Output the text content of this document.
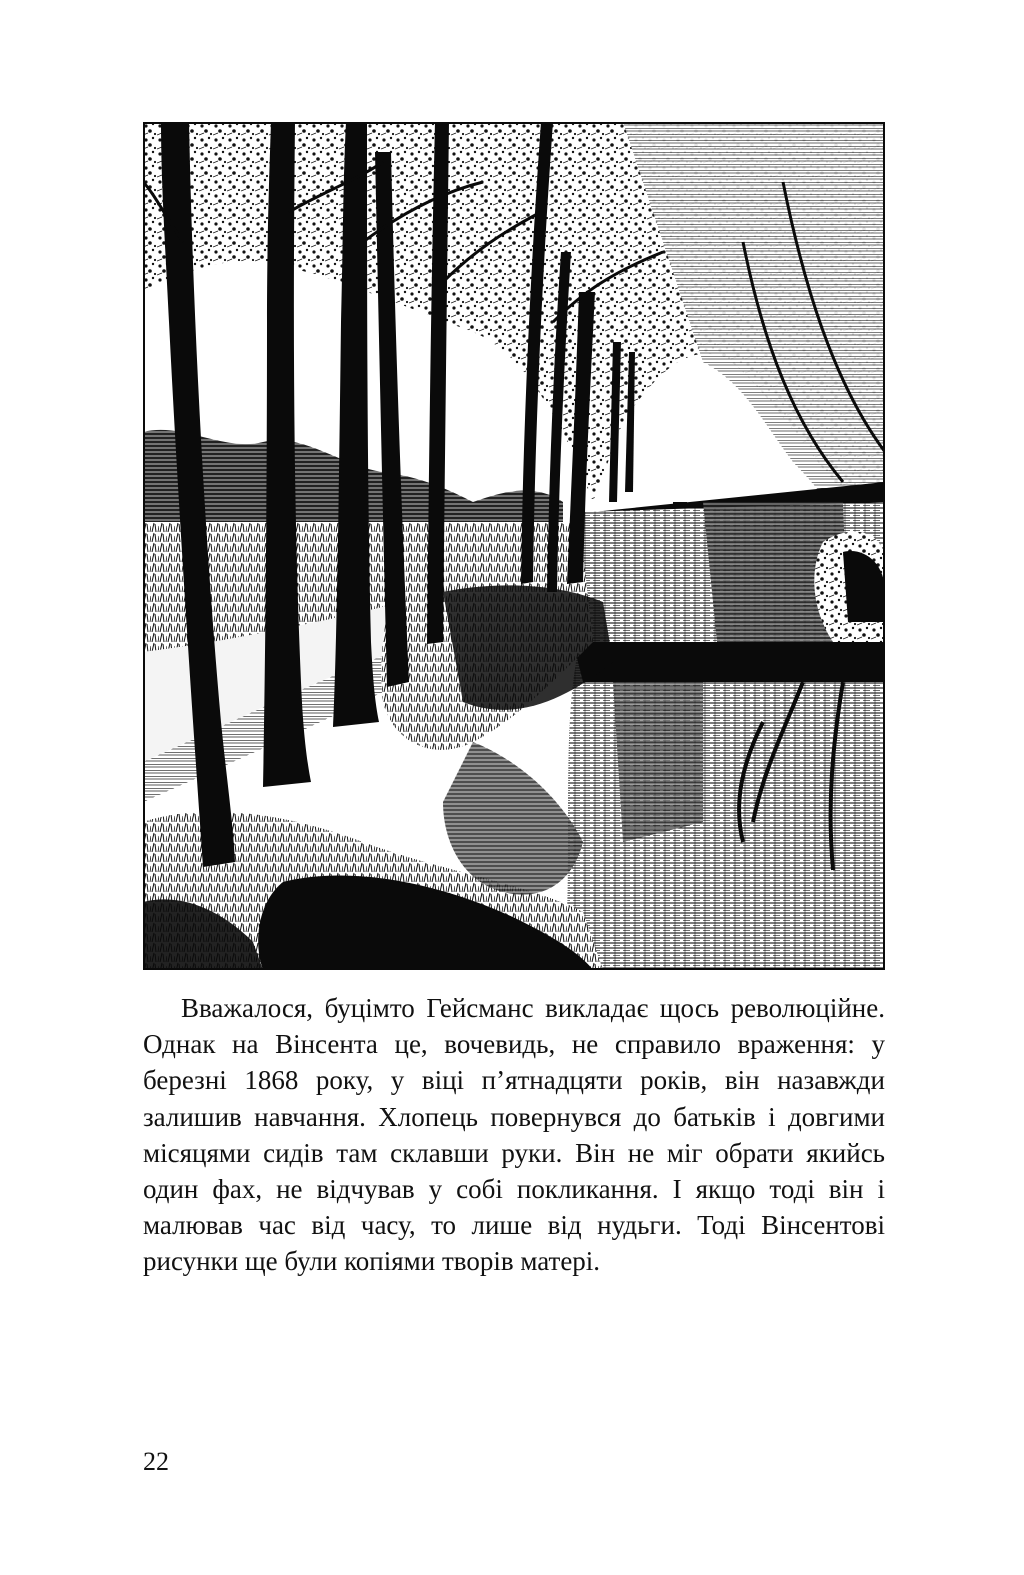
Вважалося, буцімто Гейсманс викладає щось революційне. Однак на Вінсента це, вочевидь, не справило враження: у березні 1868 року, у віці п’ятнадцяти років, він назавжди залишив навчання. Хлопець повернувся до батьків і довгими місяцями сидів там склавши руки. Він не міг обрати якийсь один фах, не відчував у собі покликання. І якщо тоді він і малював час від часу, то лише від нудьги. Тоді Вінсентові рисунки ще були копіями творів матері.

22
